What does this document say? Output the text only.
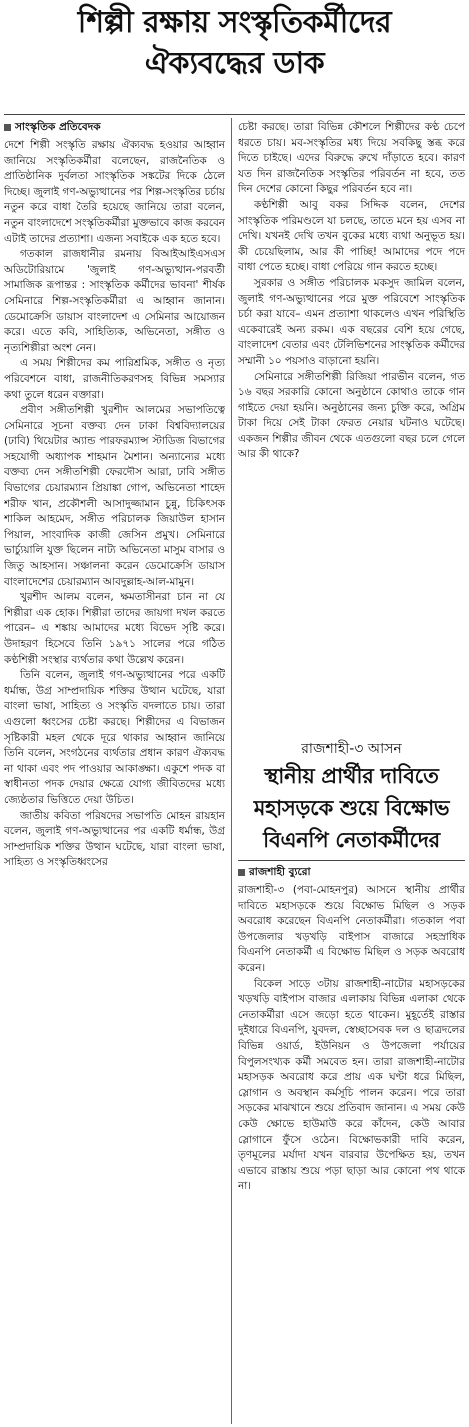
শিল্পী রক্ষায় সংস্কৃতিকর্মীদের
ঐক্যবদ্ধের ডাক

সাংস্কৃতিক প্রতিবেদক

দেশে শিল্পী সংস্কৃতি রক্ষায় ঐক্যবদ্ধ হওয়ার আহ্বান জানিয়ে সংস্কৃতিকর্মীরা বলেছেন, রাজনৈতিক ও প্রাতিষ্ঠানিক দুর্বলতা সাংস্কৃতিক সঙ্কটের দিকে ঠেলে দিচ্ছে। জুলাই গণ-অভ্যুত্থানের পর শিল্প-সংস্কৃতির চর্চায় নতুন করে বাধা তৈরি হয়েছে জানিয়ে তারা বলেন, নতুন বাংলাদেশে সংস্কৃতিকর্মীরা মুক্তভাবে কাজ করবেন এটাই তাদের প্রত্যাশা। এজন্য সবাইকে এক হতে হবে।

গতকাল রাজধানীর রমনায় বিআইআইএসএস অডিটোরিয়ামে 'জুলাই গণ-অভ্যুত্থান-পরবর্তী সামাজিক রূপান্তর : সাংস্কৃতিক কর্মীদের ভাবনা' শীর্ষক সেমিনারে শিল্প-সংস্কৃতিকর্মীরা এ আহ্বান জানান। ডেমোক্রেসি ডায়াস বাংলাদেশ এ সেমিনার আয়োজন করে। এতে কবি, সাহিত্যিক, অভিনেতা, সঙ্গীত ও নৃত্যশিল্পীরা অংশ নেন।

এ সময় শিল্পীদের কম পারিশ্রমিক, সঙ্গীত ও নৃত্য পরিবেশনে বাধা, রাজনীতিকরণসহ বিভিন্ন সমস্যার কথা তুলে ধরেন বক্তারা।

প্রবীণ সঙ্গীতশিল্পী খুরশীদ আলমের সভাপতিত্বে সেমিনারে সূচনা বক্তব্য দেন ঢাকা বিশ্ববিদ্যালয়ের (ঢাবি) থিয়েটার অ্যান্ড পারফরম্যান্স স্টাডিজ বিভাগের সহযোগী অধ্যাপক শাহমান মৈশান। অন্যান্যের মধ্যে বক্তব্য দেন সঙ্গীতশিল্পী ফেরদৌস আরা, ঢাবি সঙ্গীত বিভাগের চেয়ারম্যান প্রিয়াঙ্কা গোপ, অভিনেতা শাহেদ শরীফ খান, প্রকৌশলী আসাদুজ্জামান চুন্নু, চিকিৎসক শাকিল আহমেদ, সঙ্গীত পরিচালক জিয়াউল হাসান পিয়াল, সাংবাদিক কাজী জেসিন প্রমুখ। সেমিনারে ভার্চ্যুয়ালি যুক্ত ছিলেন নাট্য অভিনেতা মাসুম বাসার ও জিতু আহসান। সঞ্চালনা করেন ডেমোক্রেসি ডায়াস বাংলাদেশের চেয়ারম্যান আবদুল্লাহ-আল-মামুন।

খুরশীদ আলম বলেন, ক্ষমতাসীনরা চান না যে শিল্পীরা এক হোক। শিল্পীরা তাদের জায়গা দখল করতে পারেন– এ শঙ্কায় আমাদের মধ্যে বিভেদ সৃষ্টি করে। উদাহরণ হিসেবে তিনি ১৯৭১ সালের পরে গঠিত কণ্ঠশিল্পী সংস্থার ব্যর্থতার কথা উল্লেখ করেন।

তিনি বলেন, জুলাই গণ-অভ্যুত্থানের পরে একটি ধর্মান্ধ, উগ্র সাম্প্রদায়িক শক্তির উত্থান ঘটেছে, যারা বাংলা ভাষা, সাহিত্য ও সংস্কৃতি বদলাতে চায়। তারা এগুলো ধ্বংসের চেষ্টা করছে। শিল্পীদের এ বিভাজন সৃষ্টিকারী মহল থেকে দূরে থাকার আহ্বান জানিয়ে তিনি বলেন, সংগঠনের ব্যর্থতার প্রধান কারণ ঐক্যবদ্ধ না থাকা এবং পদ পাওয়ার আকাঙ্ক্ষা। একুশে পদক বা স্বাধীনতা পদক দেয়ার ক্ষেত্রে যোগ্য জীবিতদের মধ্যে জ্যেষ্ঠতার ভিত্তিতে দেয়া উচিত।

জাতীয় কবিতা পরিষদের সভাপতি মোহন রায়হান বলেন, জুলাই গণ-অভ্যুত্থানের পর একটি ধর্মান্ধ, উগ্র সাম্প্রদায়িক শক্তির উত্থান ঘটেছে, যারা বাংলা ভাষা, সাহিত্য ও সংস্কৃতিধ্বংসের

চেষ্টা করছে। তারা বিভিন্ন কৌশলে শিল্পীদের কণ্ঠ চেপে ধরতে চায়। মব-সংস্কৃতির মধ্য দিয়ে সবকিছু স্তব্ধ করে দিতে চাইছে। এদের বিরুদ্ধে রুখে দাঁড়াতে হবে। কারণ যত দিন রাজনৈতিক সংস্কৃতির পরিবর্তন না হবে, তত দিন দেশের কোনো কিছুর পরিবর্তন হবে না।

কণ্ঠশিল্পী আবু বকর সিদ্দিক বলেন, দেশের সাংস্কৃতিক পরিমণ্ডলে যা চলছে, তাতে মনে হয় এসব না দেখি। যখনই দেখি তখন বুকের মধ্যে ব্যথা অনুভূত হয়। কী চেয়েছিলাম, আর কী পাচ্ছি! আমাদের পদে পদে বাধা পেতে হচ্ছে। বাধা পেরিয়ে গান করতে হচ্ছে।

সুরকার ও সঙ্গীত পরিচালক মকসুদ জামিল বলেন, জুলাই গণ-অভ্যুত্থানের পরে মুক্ত পরিবেশে সাংস্কৃতিক চর্চা করা যাবে– এমন প্রত্যাশা থাকলেও এখন পরিস্থিতি একেবারেই অন্য রকম। এক বছরের বেশি হয়ে গেছে, বাংলাদেশ বেতার এবং টেলিভিশনের সাংস্কৃতিক কর্মীদের সম্মানী ১০ পয়সাও বাড়ানো হয়নি।

সেমিনারে সঙ্গীতশিল্পী রিজিয়া পারভীন বলেন, গত ১৬ বছর সরকারি কোনো অনুষ্ঠানে কোথাও তাকে গান গাইতে দেয়া হয়নি। অনুষ্ঠানের জন্য চুক্তি করে, অগ্রিম টাকা দিয়ে সেই টাকা ফেরত নেয়ার ঘটনাও ঘটেছে। একজন শিল্পীর জীবন থেকে এতগুলো বছর চলে গেলে আর কী থাকে?

রাজশাহী-৩ আসন

স্থানীয় প্রার্থীর দাবিতে

মহাসড়কে শুয়ে বিক্ষোভ

বিএনপি নেতাকর্মীদের

রাজশাহী ব্যুরো

রাজশাহী-৩ (পবা-মোহনপুর) আসনে স্থানীয় প্রার্থীর দাবিতে মহাসড়কে শুয়ে বিক্ষোভ মিছিল ও সড়ক অবরোধ করেছেন বিএনপি নেতাকর্মীরা। গতকাল পবা উপজেলার খড়খড়ি বাইপাস বাজারে সহস্রাধিক বিএনপি নেতাকর্মী এ বিক্ষোভ মিছিল ও সড়ক অবরোধ করেন।

বিকেল সাড়ে ৩টায় রাজশাহী-নাটোর মহাসড়কের খড়খড়ি বাইপাস বাজার এলাকায় বিভিন্ন এলাকা থেকে নেতাকর্মীরা এসে জড়ো হতে থাকেন। মুহূর্তেই রাস্তার দুইধারে বিএনপি, যুবদল, স্বেচ্ছাসেবক দল ও ছাত্রদলের বিভিন্ন ওয়ার্ড, ইউনিয়ন ও উপজেলা পর্যায়ের বিপুলসংখ্যক কর্মী সমবেত হন। তারা রাজশাহী-নাটোর মহাসড়ক অবরোধ করে প্রায় এক ঘণ্টা ধরে মিছিল, স্লোগান ও অবস্থান কর্মসূচি পালন করেন। পরে তারা সড়কের মাঝখানে শুয়ে প্রতিবাদ জানান। এ সময় কেউ কেউ ক্ষোভে হাউমাউ করে কাঁদেন, কেউ আবার স্লোগানে ফুঁসে ওঠেন। বিক্ষোভকারী দাবি করেন, তৃণমূলের মর্যাদা যখন বারবার উপেক্ষিত হয়, তখন এভাবে রাস্তায় শুয়ে পড়া ছাড়া আর কোনো পথ থাকে না।
